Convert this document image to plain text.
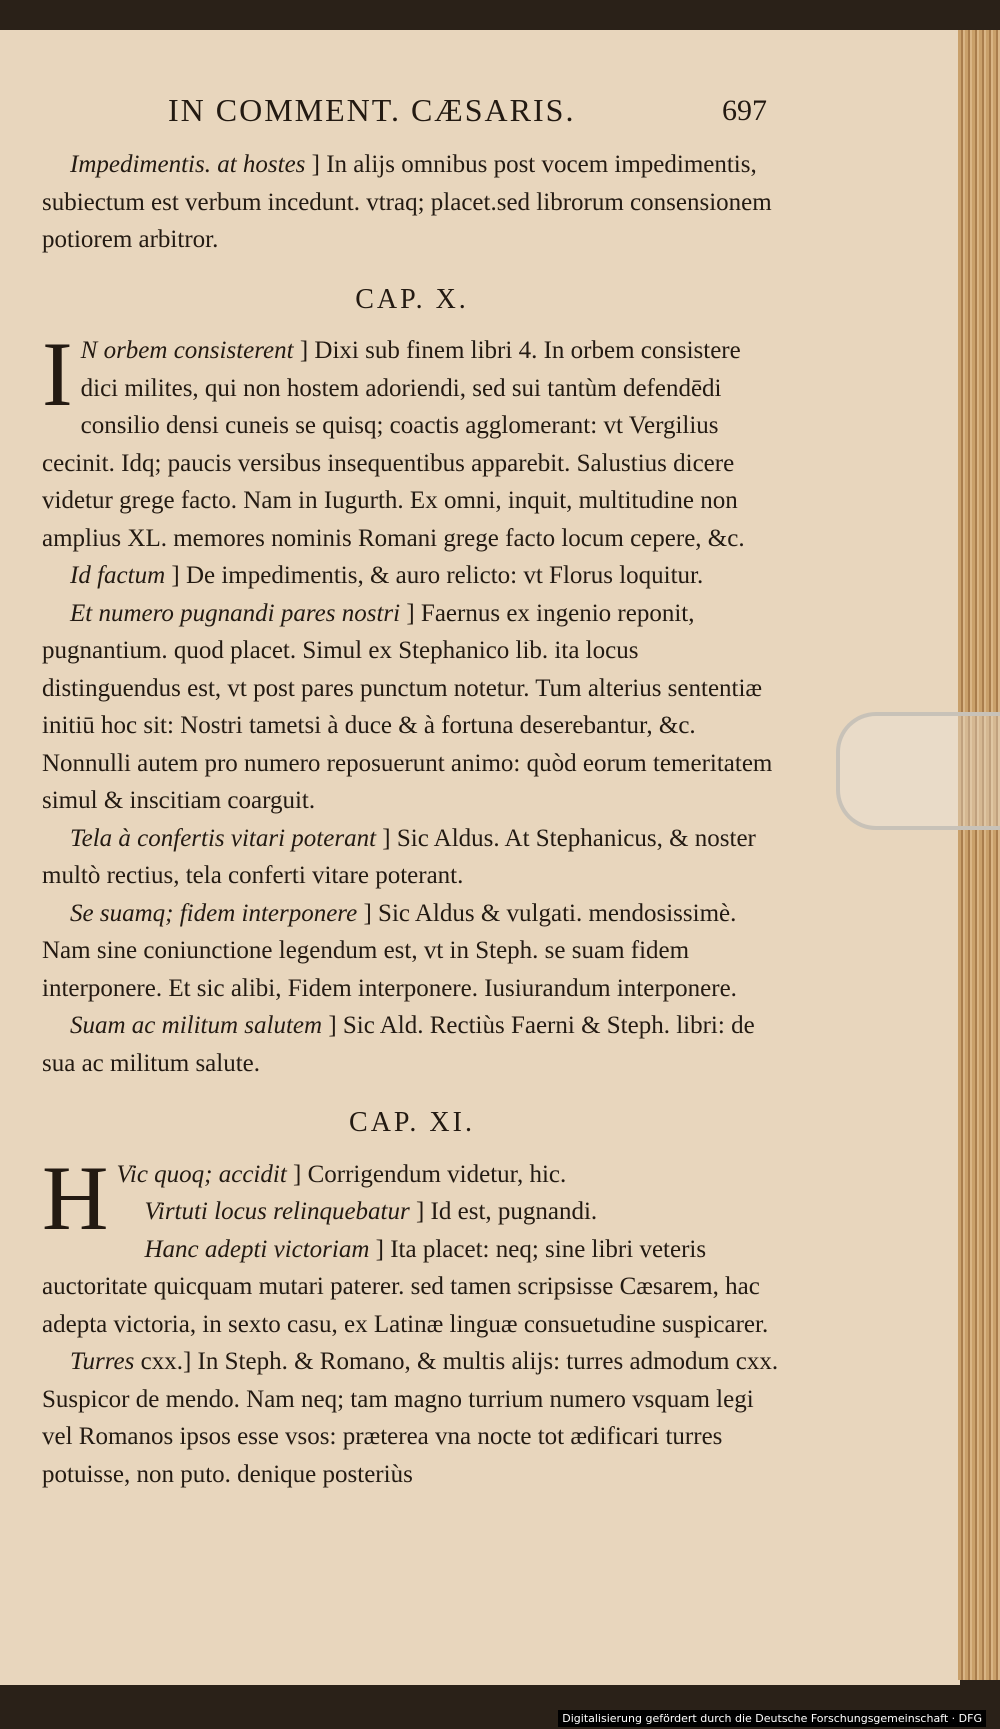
IN COMMENT. CÆSARIS.	697

Impedimentis. at hostes ] In alijs omnibus post vocem impedimentis, subiectum est verbum incedunt. vtraq; placet.sed librorum consensionem potiorem arbitror.

CAP. X.

I N orbem consisterent ] Dixi sub finem libri 4. In orbem consistere dici milites, qui non hostem adoriendi, sed sui tantùm defendēdi consilio densi cuneis se quisq; coactis agglomerant: vt Vergilius cecinit. Idq; paucis versibus insequentibus apparebit. Salustius dicere videtur grege facto. Nam in Iugurth. Ex omni, inquit, multitudine non amplius XL. memores nominis Romani grege facto locum cepere, &c.

Id factum ] De impedimentis, & auro relicto: vt Florus loquitur.

Et numero pugnandi pares nostri ] Faernus ex ingenio reponit, pugnantium. quod placet. Simul ex Stephanico lib. ita locus distinguendus est, vt post pares punctum notetur. Tum alterius sententiæ initiū hoc sit: Nostri tametsi à duce & à fortuna deserebantur, &c. Nonnulli autem pro numero reposuerunt animo: quòd eorum temeritatem simul & inscitiam coarguit.

Tela à confertis vitari poterant ] Sic Aldus. At Stephanicus, & noster multò rectius, tela conferti vitare poterant.

Se suamq; fidem interponere ] Sic Aldus & vulgati. mendosissimè. Nam sine coniunctione legendum est, vt in Steph. se suam fidem interponere. Et sic alibi, Fidem interponere. Iusiurandum interponere.

Suam ac militum salutem ] Sic Ald. Rectiùs Faerni & Steph. libri: de sua ac militum salute.

CAP. XI.

H Vic quoq; accidit ] Corrigendum videtur, hic.

Virtuti locus relinquebatur ] Id est, pugnandi.

Hanc adepti victoriam ] Ita placet: neq; sine libri veteris auctoritate quicquam mutari paterer. sed tamen scripsisse Cæsarem, hac adepta victoria, in sexto casu, ex Latinæ linguæ consuetudine suspicarer.

Turres cxx.] In Steph. & Romano, & multis alijs: turres admodum cxx. Suspicor de mendo. Nam neq; tam magno turrium numero vsquam legi vel Romanos ipsos esse vsos: præterea vna nocte tot ædificari turres potuisse, non puto. denique posteriùs

Digitalisierung gefördert durch die Deutsche Forschungsgemeinschaft · DFG
